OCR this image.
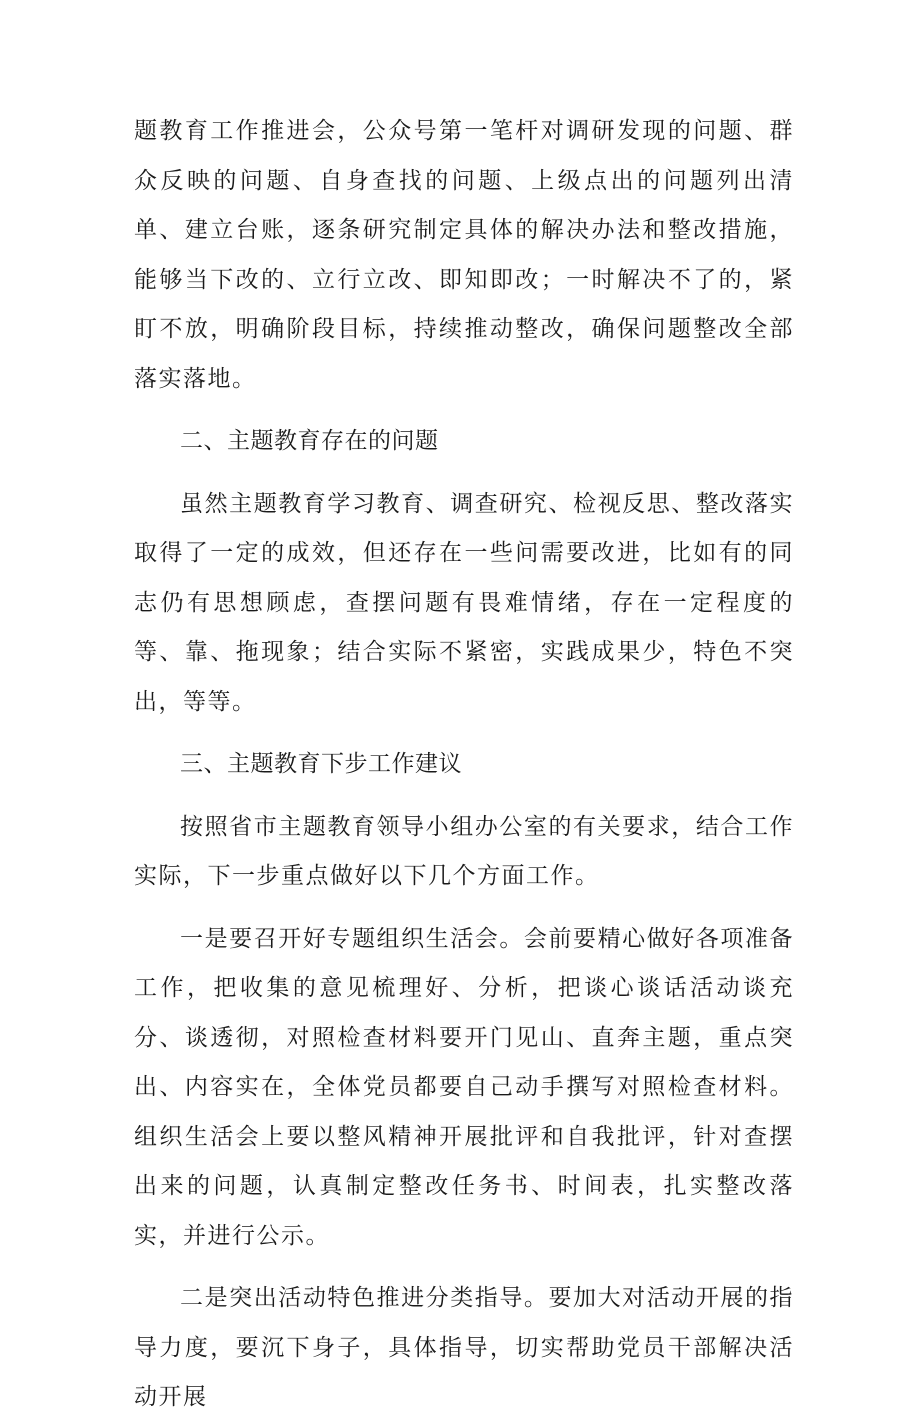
题教育工作推进会，公众号第一笔杆对调研发现的问题、群众反映的问题、自身查找的问题、上级点出的问题列出清单、建立台账，逐条研究制定具体的解决办法和整改措施，能够当下改的、立行立改、即知即改；一时解决不了的，紧盯不放，明确阶段目标，持续推动整改，确保问题整改全部落实落地。

二、主题教育存在的问题

虽然主题教育学习教育、调查研究、检视反思、整改落实取得了一定的成效，但还存在一些问需要改进，比如有的同志仍有思想顾虑，查摆问题有畏难情绪，存在一定程度的等、靠、拖现象；结合实际不紧密，实践成果少，特色不突出，等等。

三、主题教育下步工作建议

按照省市主题教育领导小组办公室的有关要求，结合工作实际，下一步重点做好以下几个方面工作。

一是要召开好专题组织生活会。会前要精心做好各项准备工作，把收集的意见梳理好、分析，把谈心谈话活动谈充分、谈透彻，对照检查材料要开门见山、直奔主题，重点突出、内容实在，全体党员都要自己动手撰写对照检查材料。组织生活会上要以整风精神开展批评和自我批评，针对查摆出来的问题，认真制定整改任务书、时间表，扎实整改落实，并进行公示。

二是突出活动特色推进分类指导。要加大对活动开展的指导力度，要沉下身子，具体指导，切实帮助党员干部解决活动开展
